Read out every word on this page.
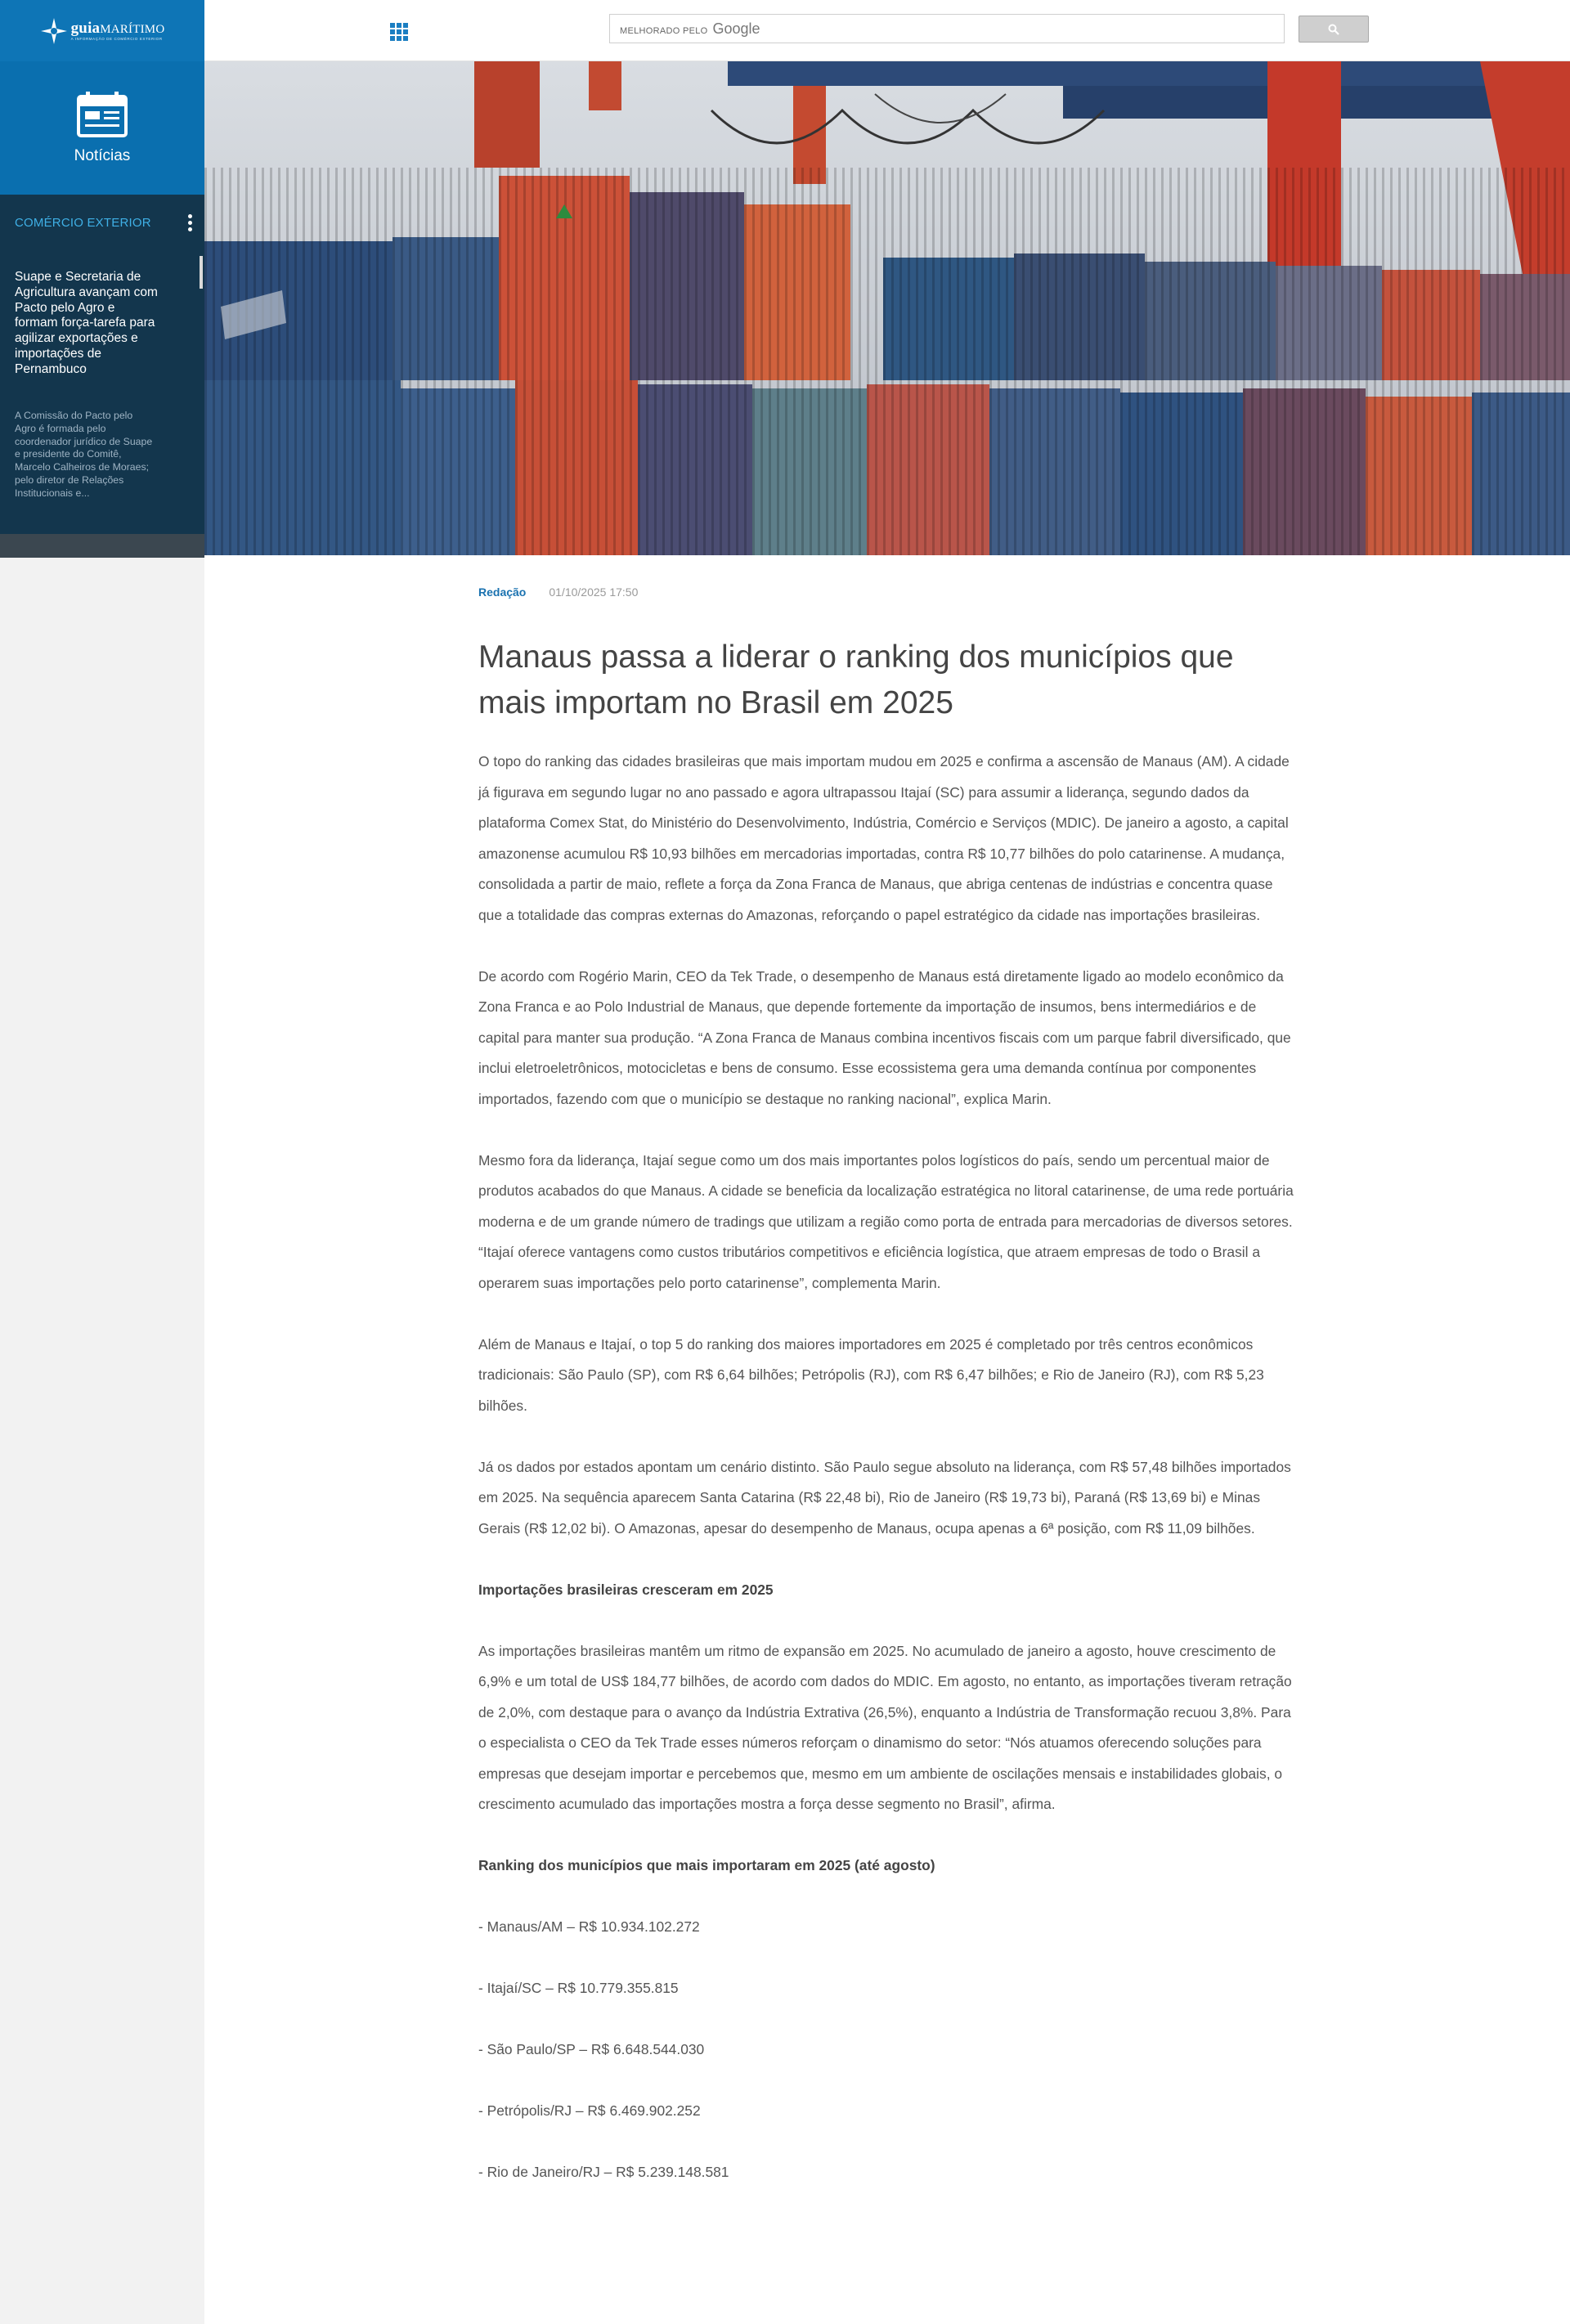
guiaMARÍTIMO
A INFORMAÇÃO DE COMÉRCIO EXTERIOR
Notícias
COMÉRCIO EXTERIOR
Suape e Secretaria de Agricultura avançam com Pacto pelo Agro e formam força-tarefa para agilizar exportações e importações de Pernambuco
A Comissão do Pacto pelo Agro é formada pelo coordenador jurídico de Suape e presidente do Comitê, Marcelo Calheiros de Moraes; pelo diretor de Relações Institucionais e...
MELHORADO PELO Google
Redação 01/10/2025 17:50
Manaus passa a liderar o ranking dos municípios que mais importam no Brasil em 2025

O topo do ranking das cidades brasileiras que mais importam mudou em 2025 e confirma a ascensão de Manaus (AM). A cidade já figurava em segundo lugar no ano passado e agora ultrapassou Itajaí (SC) para assumir a liderança, segundo dados da plataforma Comex Stat, do Ministério do Desenvolvimento, Indústria, Comércio e Serviços (MDIC). De janeiro a agosto, a capital amazonense acumulou R$ 10,93 bilhões em mercadorias importadas, contra R$ 10,77 bilhões do polo catarinense. A mudança, consolidada a partir de maio, reflete a força da Zona Franca de Manaus, que abriga centenas de indústrias e concentra quase que a totalidade das compras externas do Amazonas, reforçando o papel estratégico da cidade nas importações brasileiras.

De acordo com Rogério Marin, CEO da Tek Trade, o desempenho de Manaus está diretamente ligado ao modelo econômico da Zona Franca e ao Polo Industrial de Manaus, que depende fortemente da importação de insumos, bens intermediários e de capital para manter sua produção. “A Zona Franca de Manaus combina incentivos fiscais com um parque fabril diversificado, que inclui eletroeletrônicos, motocicletas e bens de consumo. Esse ecossistema gera uma demanda contínua por componentes importados, fazendo com que o município se destaque no ranking nacional”, explica Marin.

Mesmo fora da liderança, Itajaí segue como um dos mais importantes polos logísticos do país, sendo um percentual maior de produtos acabados do que Manaus. A cidade se beneficia da localização estratégica no litoral catarinense, de uma rede portuária moderna e de um grande número de tradings que utilizam a região como porta de entrada para mercadorias de diversos setores. “Itajaí oferece vantagens como custos tributários competitivos e eficiência logística, que atraem empresas de todo o Brasil a operarem suas importações pelo porto catarinense”, complementa Marin.

Além de Manaus e Itajaí, o top 5 do ranking dos maiores importadores em 2025 é completado por três centros econômicos tradicionais: São Paulo (SP), com R$ 6,64 bilhões; Petrópolis (RJ), com R$ 6,47 bilhões; e Rio de Janeiro (RJ), com R$ 5,23 bilhões.

Já os dados por estados apontam um cenário distinto. São Paulo segue absoluto na liderança, com R$ 57,48 bilhões importados em 2025. Na sequência aparecem Santa Catarina (R$ 22,48 bi), Rio de Janeiro (R$ 19,73 bi), Paraná (R$ 13,69 bi) e Minas Gerais (R$ 12,02 bi). O Amazonas, apesar do desempenho de Manaus, ocupa apenas a 6ª posição, com R$ 11,09 bilhões.

Importações brasileiras cresceram em 2025

As importações brasileiras mantêm um ritmo de expansão em 2025. No acumulado de janeiro a agosto, houve crescimento de 6,9% e um total de US$ 184,77 bilhões, de acordo com dados do MDIC. Em agosto, no entanto, as importações tiveram retração de 2,0%, com destaque para o avanço da Indústria Extrativa (26,5%), enquanto a Indústria de Transformação recuou 3,8%. Para o especialista o CEO da Tek Trade esses números reforçam o dinamismo do setor: “Nós atuamos oferecendo soluções para empresas que desejam importar e percebemos que, mesmo em um ambiente de oscilações mensais e instabilidades globais, o crescimento acumulado das importações mostra a força desse segmento no Brasil”, afirma.

Ranking dos municípios que mais importaram em 2025 (até agosto)

- Manaus/AM – R$ 10.934.102.272

- Itajaí/SC – R$ 10.779.355.815

- São Paulo/SP – R$ 6.648.544.030

- Petrópolis/RJ – R$ 6.469.902.252

- Rio de Janeiro/RJ – R$ 5.239.148.581
